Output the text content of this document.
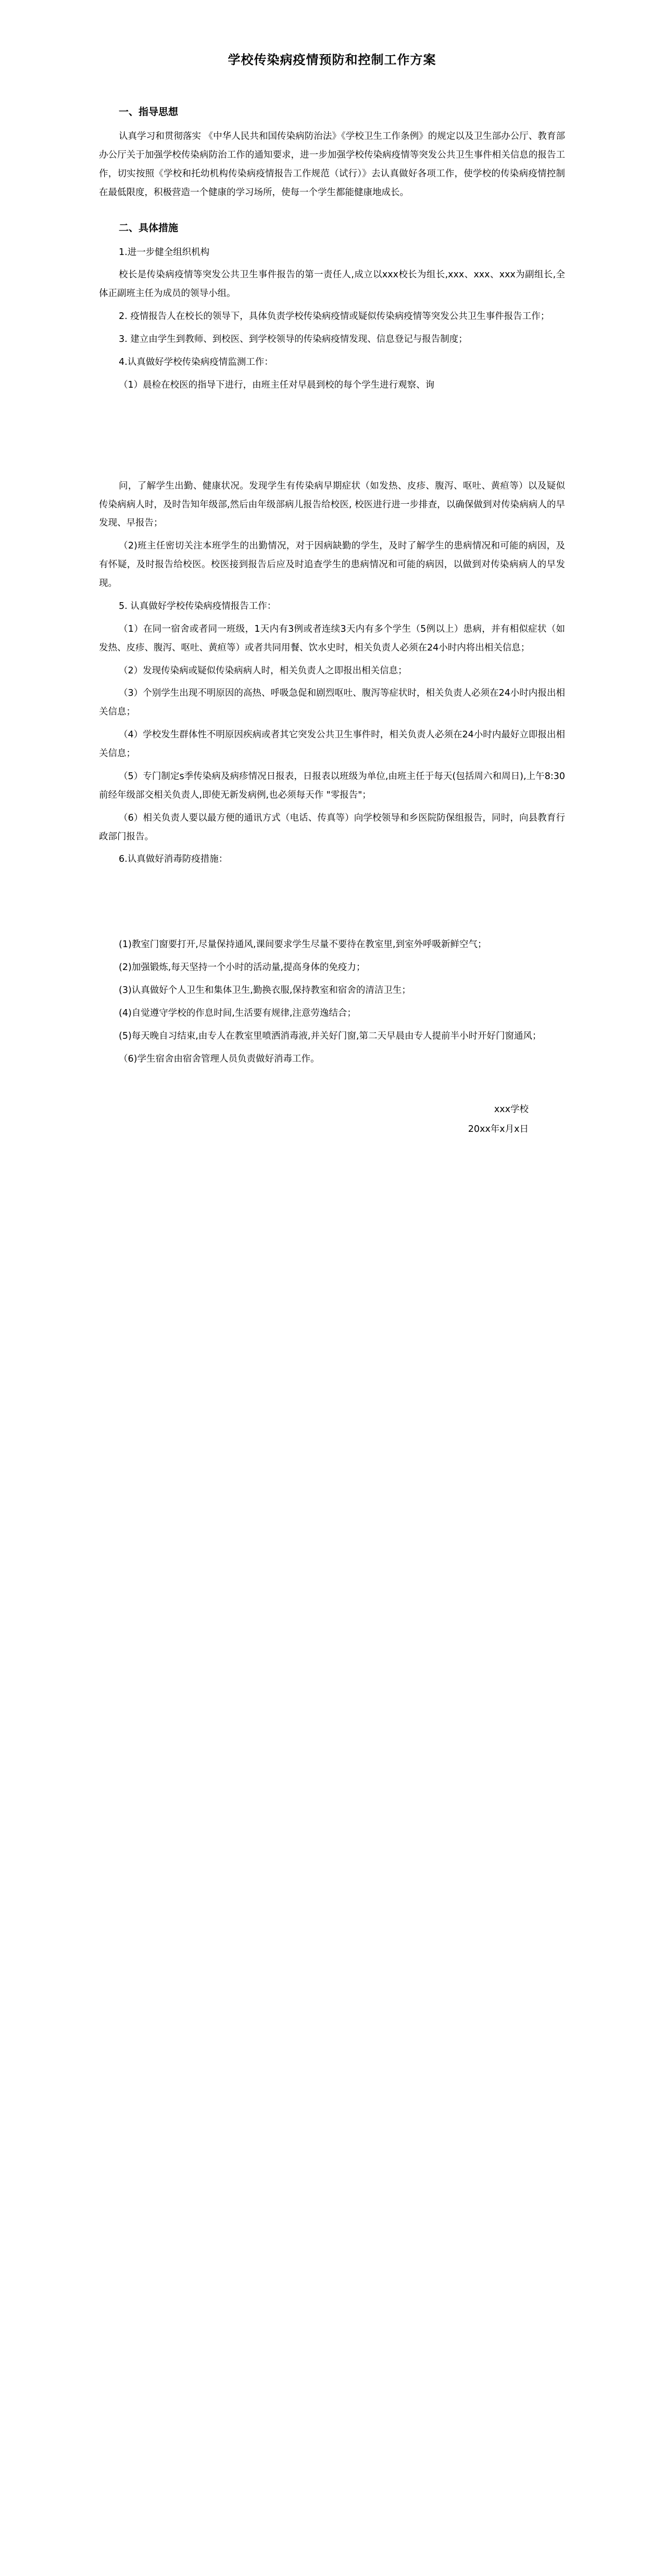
学校传染病疫情预防和控制工作方案
一、指导思想

认真学习和贯彻落实 《中华人民共和国传染病防治法》《学校卫生工作条例》的规定以及卫生部办公厅、教育部办公厅关于加强学校传染病防治工作的通知要求，进一步加强学校传染病疫情等突发公共卫生事件相关信息的报告工作，切实按照《学校和托幼机构传染病疫情报告工作规范（试行）》去认真做好各项工作，使学校的传染病疫情控制在最低限度，积极营造一个健康的学习场所，使每一个学生都能健康地成长。

二、具体措施

1.进一步健全组织机构

校长是传染病疫情等突发公共卫生事件报告的第一责任人,成立以xxx校长为组长,xxx、xxx、xxx为副组长,全体正副班主任为成员的领导小组。

2. 疫情报告人在校长的领导下，具体负责学校传染病疫情或疑似传染病疫情等突发公共卫生事件报告工作；

3. 建立由学生到教师、到校医、到学校领导的传染病疫情发现、信息登记与报告制度；

4.认真做好学校传染病疫情监测工作：

（1）晨检在校医的指导下进行，由班主任对早晨到校的每个学生进行观察、询

问，了解学生出勤、健康状况。发现学生有传染病早期症状（如发热、皮疹、腹泻、呕吐、黄疸等）以及疑似传染病病人时，及时告知年级部,然后由年级部病儿报告给校医, 校医进行进一步排查，以确保做到对传染病病人的早发现、早报告；

（2)班主任密切关注本班学生的出勤情况，对于因病缺勤的学生，及时了解学生的患病情况和可能的病因，及有怀疑，及时报告给校医。校医接到报告后应及时追查学生的患病情况和可能的病因，以做到对传染病病人的早发现。

5. 认真做好学校传染病疫情报告工作：

（1）在同一宿舍或者同一班级，1天内有3例或者连续3天内有多个学生（5例以上）患病，并有相似症状（如发热、皮疹、腹泻、呕吐、黄疸等）或者共同用餐、饮水史时，相关负责人必须在24小时内将出相关信息；

（2）发现传染病或疑似传染病病人时，相关负责人之即报出相关信息；

（3）个别学生出现不明原因的高热、呼吸急促和剧烈呕吐、腹泻等症状时，相关负责人必须在24小时内报出相关信息；

（4）学校发生群体性不明原因疾病或者其它突发公共卫生事件时，相关负责人必须在24小时内最好立即报出相关信息；

（5）专门制定s季传染病及病疹情况日报表，日报表以班级为单位,由班主任于每天(包括周六和周日),上午8:30前经年级部交相关负责人,即使无新发病例,也必须每天作 "零报告"；

（6）相关负责人要以最方便的通讯方式（电话、传真等）向学校领导和乡医院防保组报告，同时，向县教育行政部门报告。

6.认真做好消毒防疫措施：

(1)教室门窗要打开,尽量保持通风,课间要求学生尽量不要待在教室里,到室外呼吸新鲜空气；

(2)加强锻炼,每天坚持一个小时的活动量,提高身体的免疫力；

(3)认真做好个人卫生和集体卫生,勤换衣服,保持教室和宿舍的清洁卫生；

(4)自觉遵守学校的作息时间,生活要有规律,注意劳逸结合；

(5)每天晚自习结束,由专人在教室里喷洒消毒液,并关好门窗,第二天早晨由专人提前半小时开好门窗通风；

（6)学生宿舍由宿舍管理人员负责做好消毒工作。

xxx学校
20xx年x月x日
